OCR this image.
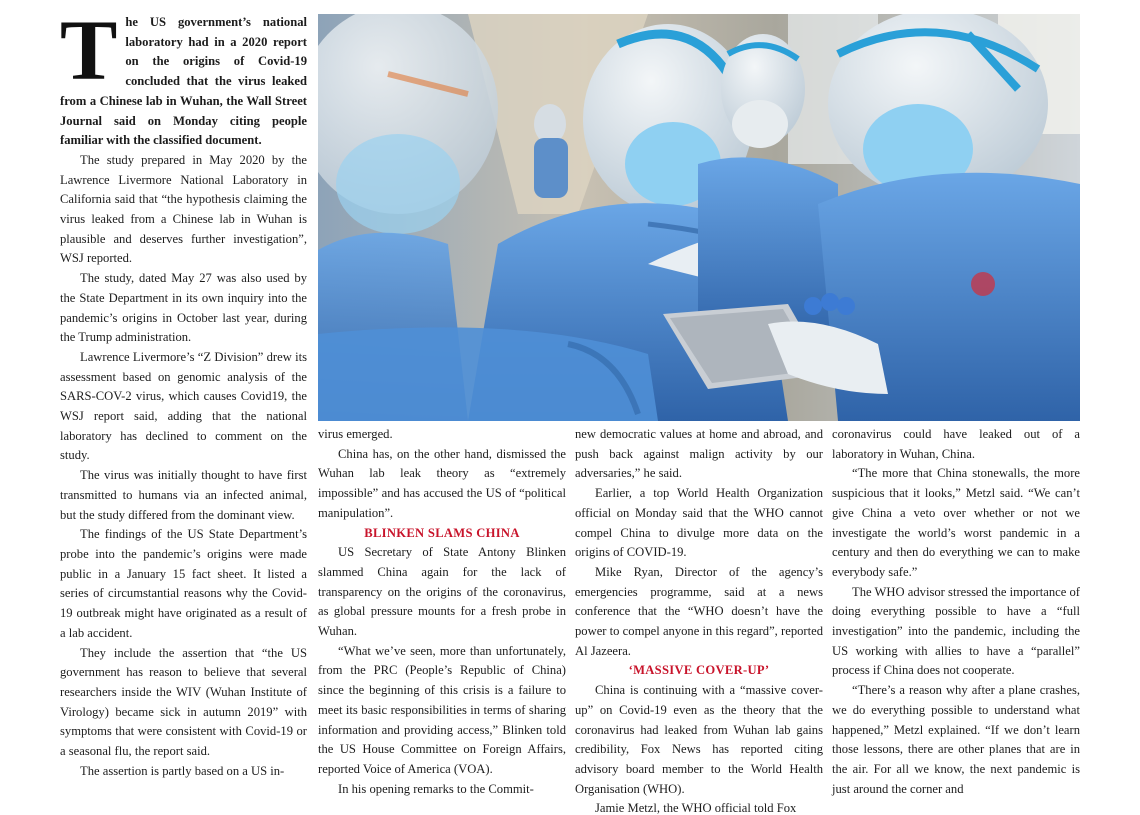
The US government’s national laboratory had in a 2020 report on the origins of Covid-19 concluded that the virus leaked from a Chinese lab in Wuhan, the Wall Street Journal said on Monday citing people familiar with the classified document.

The study prepared in May 2020 by the Lawrence Livermore National Laboratory in California said that “the hypothesis claiming the virus leaked from a Chinese lab in Wuhan is plausible and deserves further investigation”, WSJ reported.

The study, dated May 27 was also used by the State Department in its own inquiry into the pandemic’s origins in October last year, during the Trump administration.

Lawrence Livermore’s “Z Division” drew its assessment based on genomic analysis of the SARS-COV-2 virus, which causes Covid19, the WSJ report said, adding that the national laboratory has declined to comment on the study.

The virus was initially thought to have first transmitted to humans via an infected animal, but the study differed from the dominant view.

The findings of the US State Department’s probe into the pandemic’s origins were made public in a January 15 fact sheet. It listed a series of circumstantial reasons why the Covid-19 outbreak might have originated as a result of a lab accident.

They include the assertion that “the US government has reason to believe that several researchers inside the WIV (Wuhan Institute of Virology) became sick in autumn 2019” with symptoms that were consistent with Covid-19 or a seasonal flu, the report said.

The assertion is partly based on a US in-

virus emerged.

China has, on the other hand, dismissed the Wuhan lab leak theory as “extremely impossible” and has accused the US of “political manipulation”.

BLINKEN SLAMS CHINA

US Secretary of State Antony Blinken slammed China again for the lack of transparency on the origins of the coronavirus, as global pressure mounts for a fresh probe in Wuhan.

“What we’ve seen, more than unfortunately, from the PRC (People’s Republic of China) since the beginning of this crisis is a failure to meet its basic responsibilities in terms of sharing information and providing access,” Blinken told the US House Committee on Foreign Affairs, reported Voice of America (VOA).

In his opening remarks to the Commit-

new democratic values at home and abroad, and push back against malign activity by our adversaries,” he said.

Earlier, a top World Health Organization official on Monday said that the WHO cannot compel China to divulge more data on the origins of COVID-19.

Mike Ryan, Director of the agency’s emergencies programme, said at a news conference that the “WHO doesn’t have the power to compel anyone in this regard”, reported Al Jazeera.

‘MASSIVE COVER-UP’

China is continuing with a “massive cover-up” on Covid-19 even as the theory that the coronavirus had leaked from Wuhan lab gains credibility, Fox News has reported citing advisory board member to the World Health Organisation (WHO).

Jamie Metzl, the WHO official told Fox

coronavirus could have leaked out of a laboratory in Wuhan, China.

“The more that China stonewalls, the more suspicious that it looks,” Metzl said. “We can’t give China a veto over whether or not we investigate the world’s worst pandemic in a century and then do everything we can to make everybody safe.”

The WHO advisor stressed the importance of doing everything possible to have a “full investigation” into the pandemic, including the US working with allies to have a “parallel” process if China does not cooperate.

“There’s a reason why after a plane crashes, we do everything possible to understand what happened,” Metzl explained. “If we don’t learn those lessons, there are other planes that are in the air. For all we know, the next pandemic is just around the corner and
